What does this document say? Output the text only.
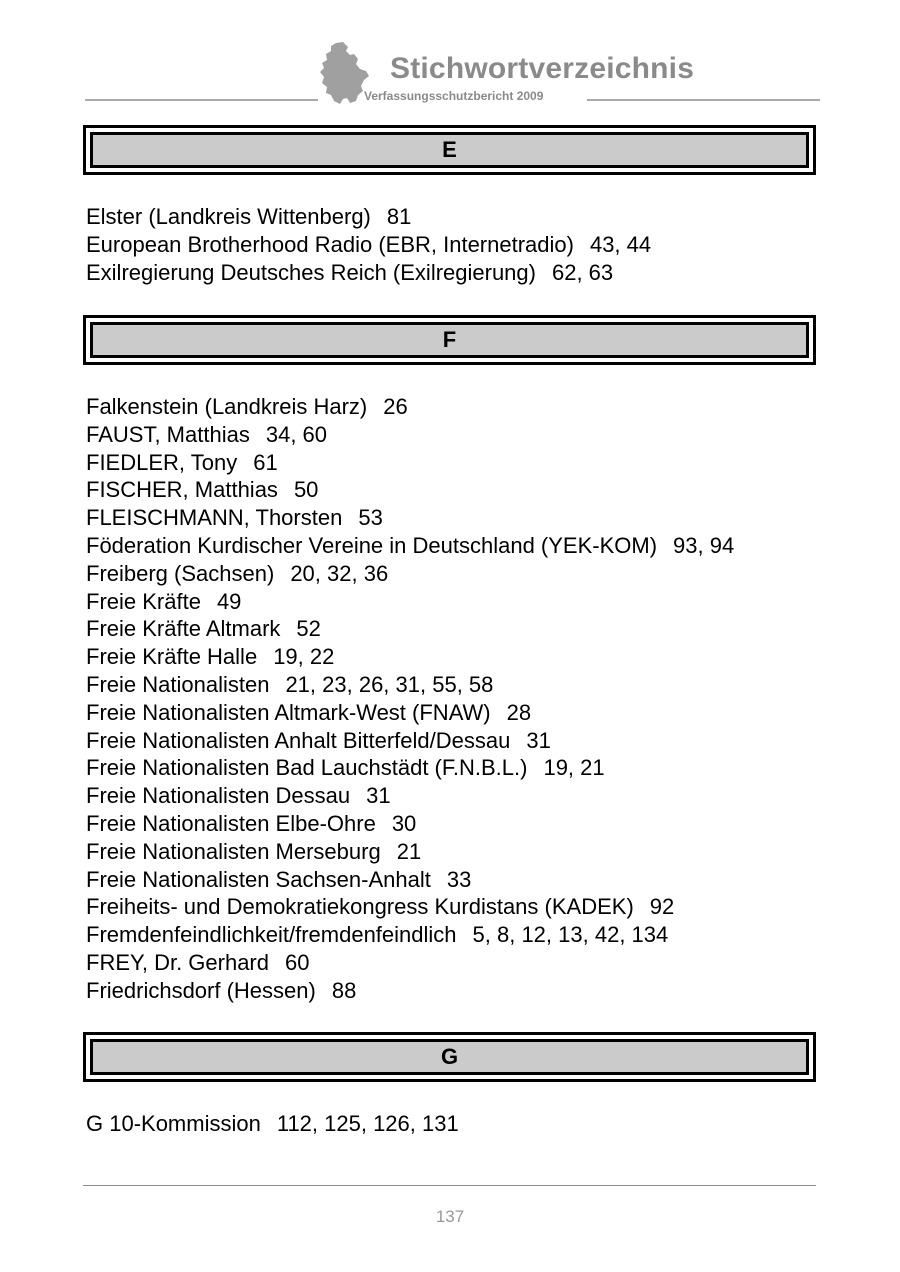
Stichwortverzeichnis
Verfassungsschutzbericht 2009
E
Elster (Landkreis Wittenberg) 81
European Brotherhood Radio (EBR, Internetradio) 43, 44
Exilregierung Deutsches Reich (Exilregierung) 62, 63
F
Falkenstein (Landkreis Harz) 26
FAUST, Matthias 34, 60
FIEDLER, Tony 61
FISCHER, Matthias 50
FLEISCHMANN, Thorsten 53
Föderation Kurdischer Vereine in Deutschland (YEK-KOM) 93, 94
Freiberg (Sachsen) 20, 32, 36
Freie Kräfte 49
Freie Kräfte Altmark 52
Freie Kräfte Halle 19, 22
Freie Nationalisten 21, 23, 26, 31, 55, 58
Freie Nationalisten Altmark-West (FNAW) 28
Freie Nationalisten Anhalt Bitterfeld/Dessau 31
Freie Nationalisten Bad Lauchstädt (F.N.B.L.) 19, 21
Freie Nationalisten Dessau 31
Freie Nationalisten Elbe-Ohre 30
Freie Nationalisten Merseburg 21
Freie Nationalisten Sachsen-Anhalt 33
Freiheits- und Demokratiekongress Kurdistans (KADEK) 92
Fremdenfeindlichkeit/fremdenfeindlich 5, 8, 12, 13, 42, 134
FREY, Dr. Gerhard 60
Friedrichsdorf (Hessen) 88
G
G 10-Kommission 112, 125, 126, 131
137
